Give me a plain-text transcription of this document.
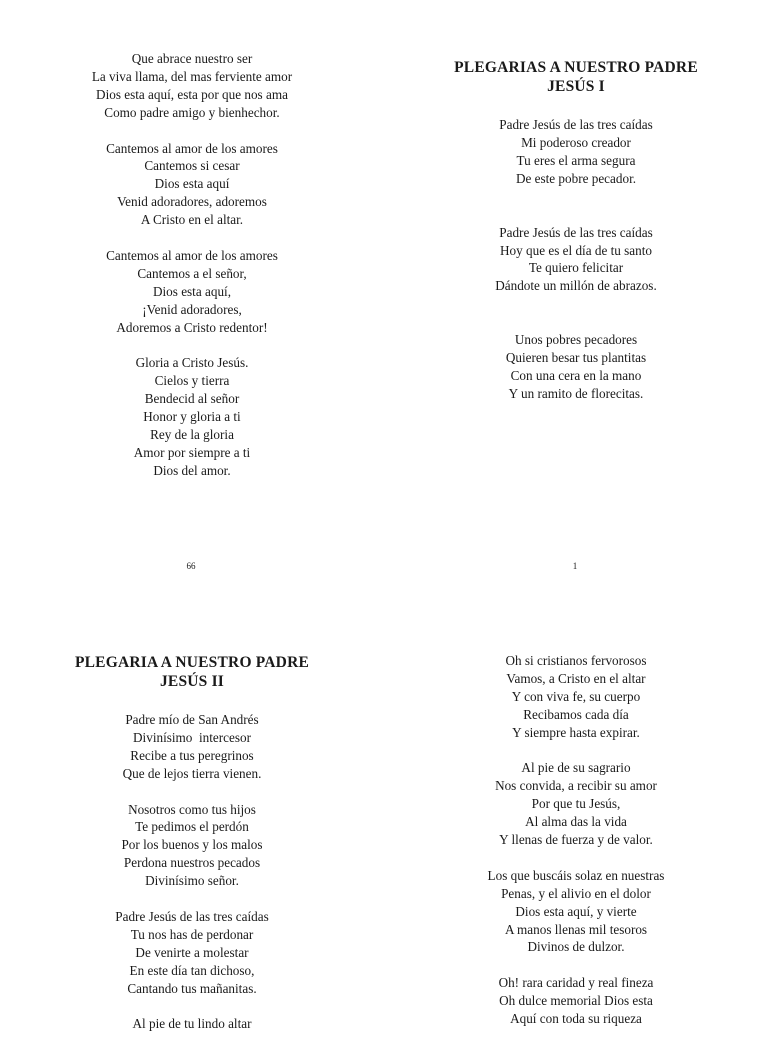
Que abrace nuestro ser
La viva llama, del mas ferviente amor
Dios esta aquí, esta por que nos ama
Como padre amigo y bienhechor.
Cantemos al amor de los amores
Cantemos si cesar
Dios esta aquí
Venid adoradores, adoremos
A Cristo en el altar.
Cantemos al amor de los amores
Cantemos a el señor,
Dios esta aquí,
¡Venid adoradores,
Adoremos a Cristo redentor!
Gloria a Cristo Jesús.
Cielos y tierra
Bendecid al señor
Honor y gloria a ti
Rey de la gloria
Amor por siempre a ti
Dios del amor.
66
PLEGARIAS A NUESTRO PADRE
JESÚS I
Padre Jesús de las tres caídas
Mi poderoso creador
Tu eres el arma segura
De este pobre pecador.
Padre Jesús de las tres caídas
Hoy que es el día de tu santo
Te quiero felicitar
Dándote un millón de abrazos.
Unos pobres pecadores
Quieren besar tus plantitas
Con una cera en la mano
Y un ramito de florecitas.
1
PLEGARIA A NUESTRO PADRE
JESÚS II
Padre mío de San Andrés
Divinísimo  intercesor
Recibe a tus peregrinos
Que de lejos tierra vienen.
Nosotros como tus hijos
Te pedimos el perdón
Por los buenos y los malos
Perdona nuestros pecados
Divinísimo señor.
Padre Jesús de las tres caídas
Tu nos has de perdonar
De venirte a molestar
En este día tan dichoso,
Cantando tus mañanitas.
Al pie de tu lindo altar
Oh si cristianos fervorosos
Vamos, a Cristo en el altar
Y con viva fe, su cuerpo
Recibamos cada día
Y siempre hasta expirar.
Al pie de su sagrario
Nos convida, a recibir su amor
Por que tu Jesús,
Al alma das la vida
Y llenas de fuerza y de valor.
Los que buscáis solaz en nuestras
Penas, y el alivio en el dolor
Dios esta aquí, y vierte
A manos llenas mil tesoros
Divinos de dulzor.
Oh! rara caridad y real fineza
Oh dulce memorial Dios esta
Aquí con toda su riqueza
